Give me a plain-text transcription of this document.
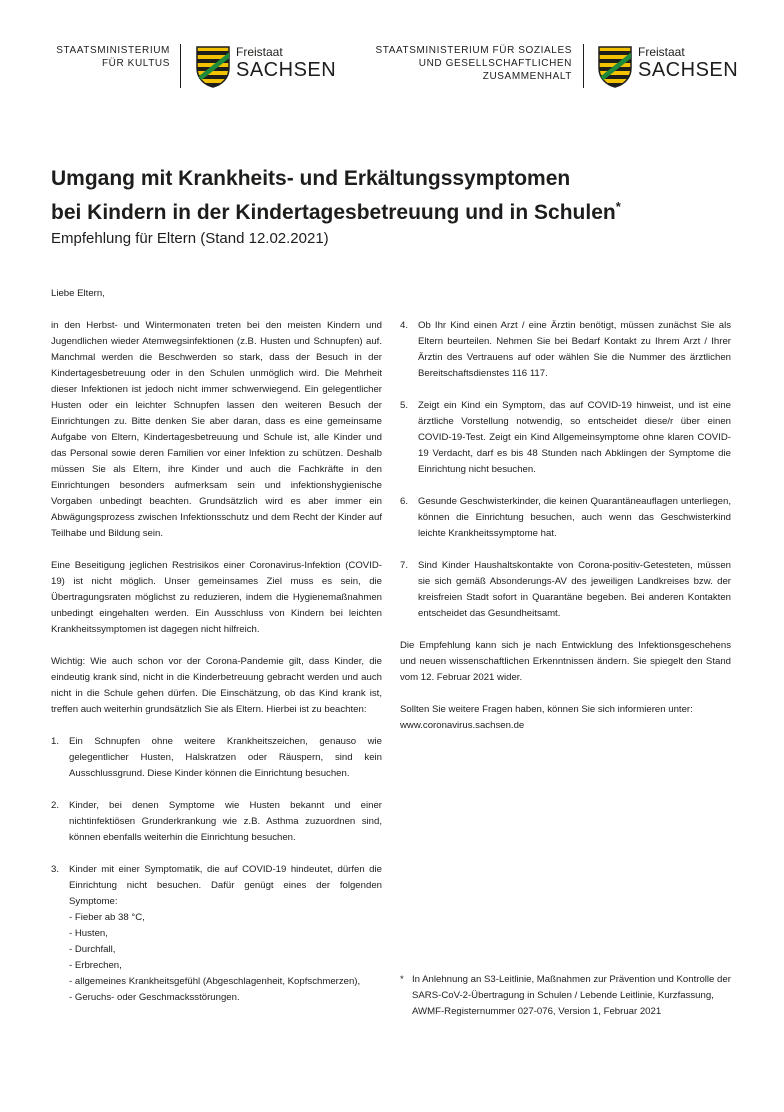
STAATSMINISTERIUM
FÜR KULTUS
Freistaat
SACHSEN
STAATSMINISTERIUM FÜR SOZIALES
UND GESELLSCHAFTLICHEN
ZUSAMMENHALT
Freistaat
SACHSEN
Umgang mit Krankheits- und Erkältungssymptomen
bei Kindern in der Kindertagesbetreuung und in Schulen*
Empfehlung für Eltern (Stand 12.02.2021)

Liebe Eltern,

in den Herbst- und Wintermonaten treten bei den meisten Kindern und Jugendlichen wieder Atemwegsinfektionen (z.B. Husten und Schnupfen) auf. Manchmal werden die Beschwerden so stark, dass der Besuch in der Kindertagesbetreuung oder in den Schulen unmöglich wird. Die Mehrheit dieser Infektionen ist jedoch nicht immer schwerwiegend. Ein gelegentlicher Husten oder ein leichter Schnupfen lassen den weiteren Besuch der Einrichtungen zu. Bitte denken Sie aber daran, dass es eine gemeinsame Aufgabe von Eltern, Kindertagesbetreuung und Schule ist, alle Kinder und das Personal sowie deren Familien vor einer Infektion zu schützen. Deshalb müssen Sie als Eltern, ihre Kinder und auch die Fachkräfte in den Einrichtungen besonders aufmerksam sein und infektionshygienische Vorgaben unbedingt beachten. Grundsätzlich wird es aber immer ein Abwägungsprozess zwischen Infektionsschutz und dem Recht der Kinder auf Teilhabe und Bildung sein.

Eine Beseitigung jeglichen Restrisikos einer Coronavirus-Infektion (COVID-19) ist nicht möglich. Unser gemeinsames Ziel muss es sein, die Übertragungsraten möglichst zu reduzieren, indem die Hygienemaßnahmen unbedingt eingehalten werden. Ein Ausschluss von Kindern bei leichten Krankheitssymptomen ist dagegen nicht hilfreich.

Wichtig: Wie auch schon vor der Corona-Pandemie gilt, dass Kinder, die eindeutig krank sind, nicht in die Kinderbetreuung gebracht werden und auch nicht in die Schule gehen dürfen. Die Einschätzung, ob das Kind krank ist, treffen auch weiterhin grundsätzlich Sie als Eltern. Hierbei ist zu beachten:

1. Ein Schnupfen ohne weitere Krankheitszeichen, genauso wie gelegentlicher Husten, Halskratzen oder Räuspern, sind kein Ausschlussgrund. Diese Kinder können die Einrichtung besuchen.
2. Kinder, bei denen Symptome wie Husten bekannt und einer nichtinfektiösen Grunderkrankung wie z.B. Asthma zuzuordnen sind, können ebenfalls weiterhin die Einrichtung besuchen.
3. Kinder mit einer Symptomatik, die auf COVID-19 hindeutet, dürfen die Einrichtung nicht besuchen. Dafür genügt eines der folgenden Symptome:
- Fieber ab 38 °C,
- Husten,
- Durchfall,
- Erbrechen,
- allgemeines Krankheitsgefühl (Abgeschlagenheit, Kopfschmerzen),
- Geruchs- oder Geschmacksstörungen.
4. Ob Ihr Kind einen Arzt / eine Ärztin benötigt, müssen zunächst Sie als Eltern beurteilen. Nehmen Sie bei Bedarf Kontakt zu Ihrem Arzt / Ihrer Ärztin des Vertrauens auf oder wählen Sie die Nummer des ärztlichen Bereitschaftsdienstes 116 117.
5. Zeigt ein Kind ein Symptom, das auf COVID-19 hinweist, und ist eine ärztliche Vorstellung notwendig, so entscheidet diese/r über einen COVID-19-Test. Zeigt ein Kind Allgemeinsymptome ohne klaren COVID-19 Verdacht, darf es bis 48 Stunden nach Abklingen der Symptome die Einrichtung nicht besuchen.
6. Gesunde Geschwisterkinder, die keinen Quarantäneauflagen unterliegen, können die Einrichtung besuchen, auch wenn das Geschwisterkind leichte Krankheitssymptome hat.
7. Sind Kinder Haushaltskontakte von Corona-positiv-Getesteten, müssen sie sich gemäß Absonderungs-AV des jeweiligen Landkreises bzw. der kreisfreien Stadt sofort in Quarantäne begeben. Bei anderen Kontakten entscheidet das Gesundheitsamt.

Die Empfehlung kann sich je nach Entwicklung des Infektionsgeschehens und neuen wissenschaftlichen Erkenntnissen ändern. Sie spiegelt den Stand vom 12. Februar 2021 wider.

Sollten Sie weitere Fragen haben, können Sie sich informieren unter:
www.coronavirus.sachsen.de

* In Anlehnung an S3-Leitlinie, Maßnahmen zur Prävention und Kontrolle der SARS-CoV-2-Übertragung in Schulen / Lebende Leitlinie, Kurzfassung, AWMF-Registernummer 027-076, Version 1, Februar 2021
